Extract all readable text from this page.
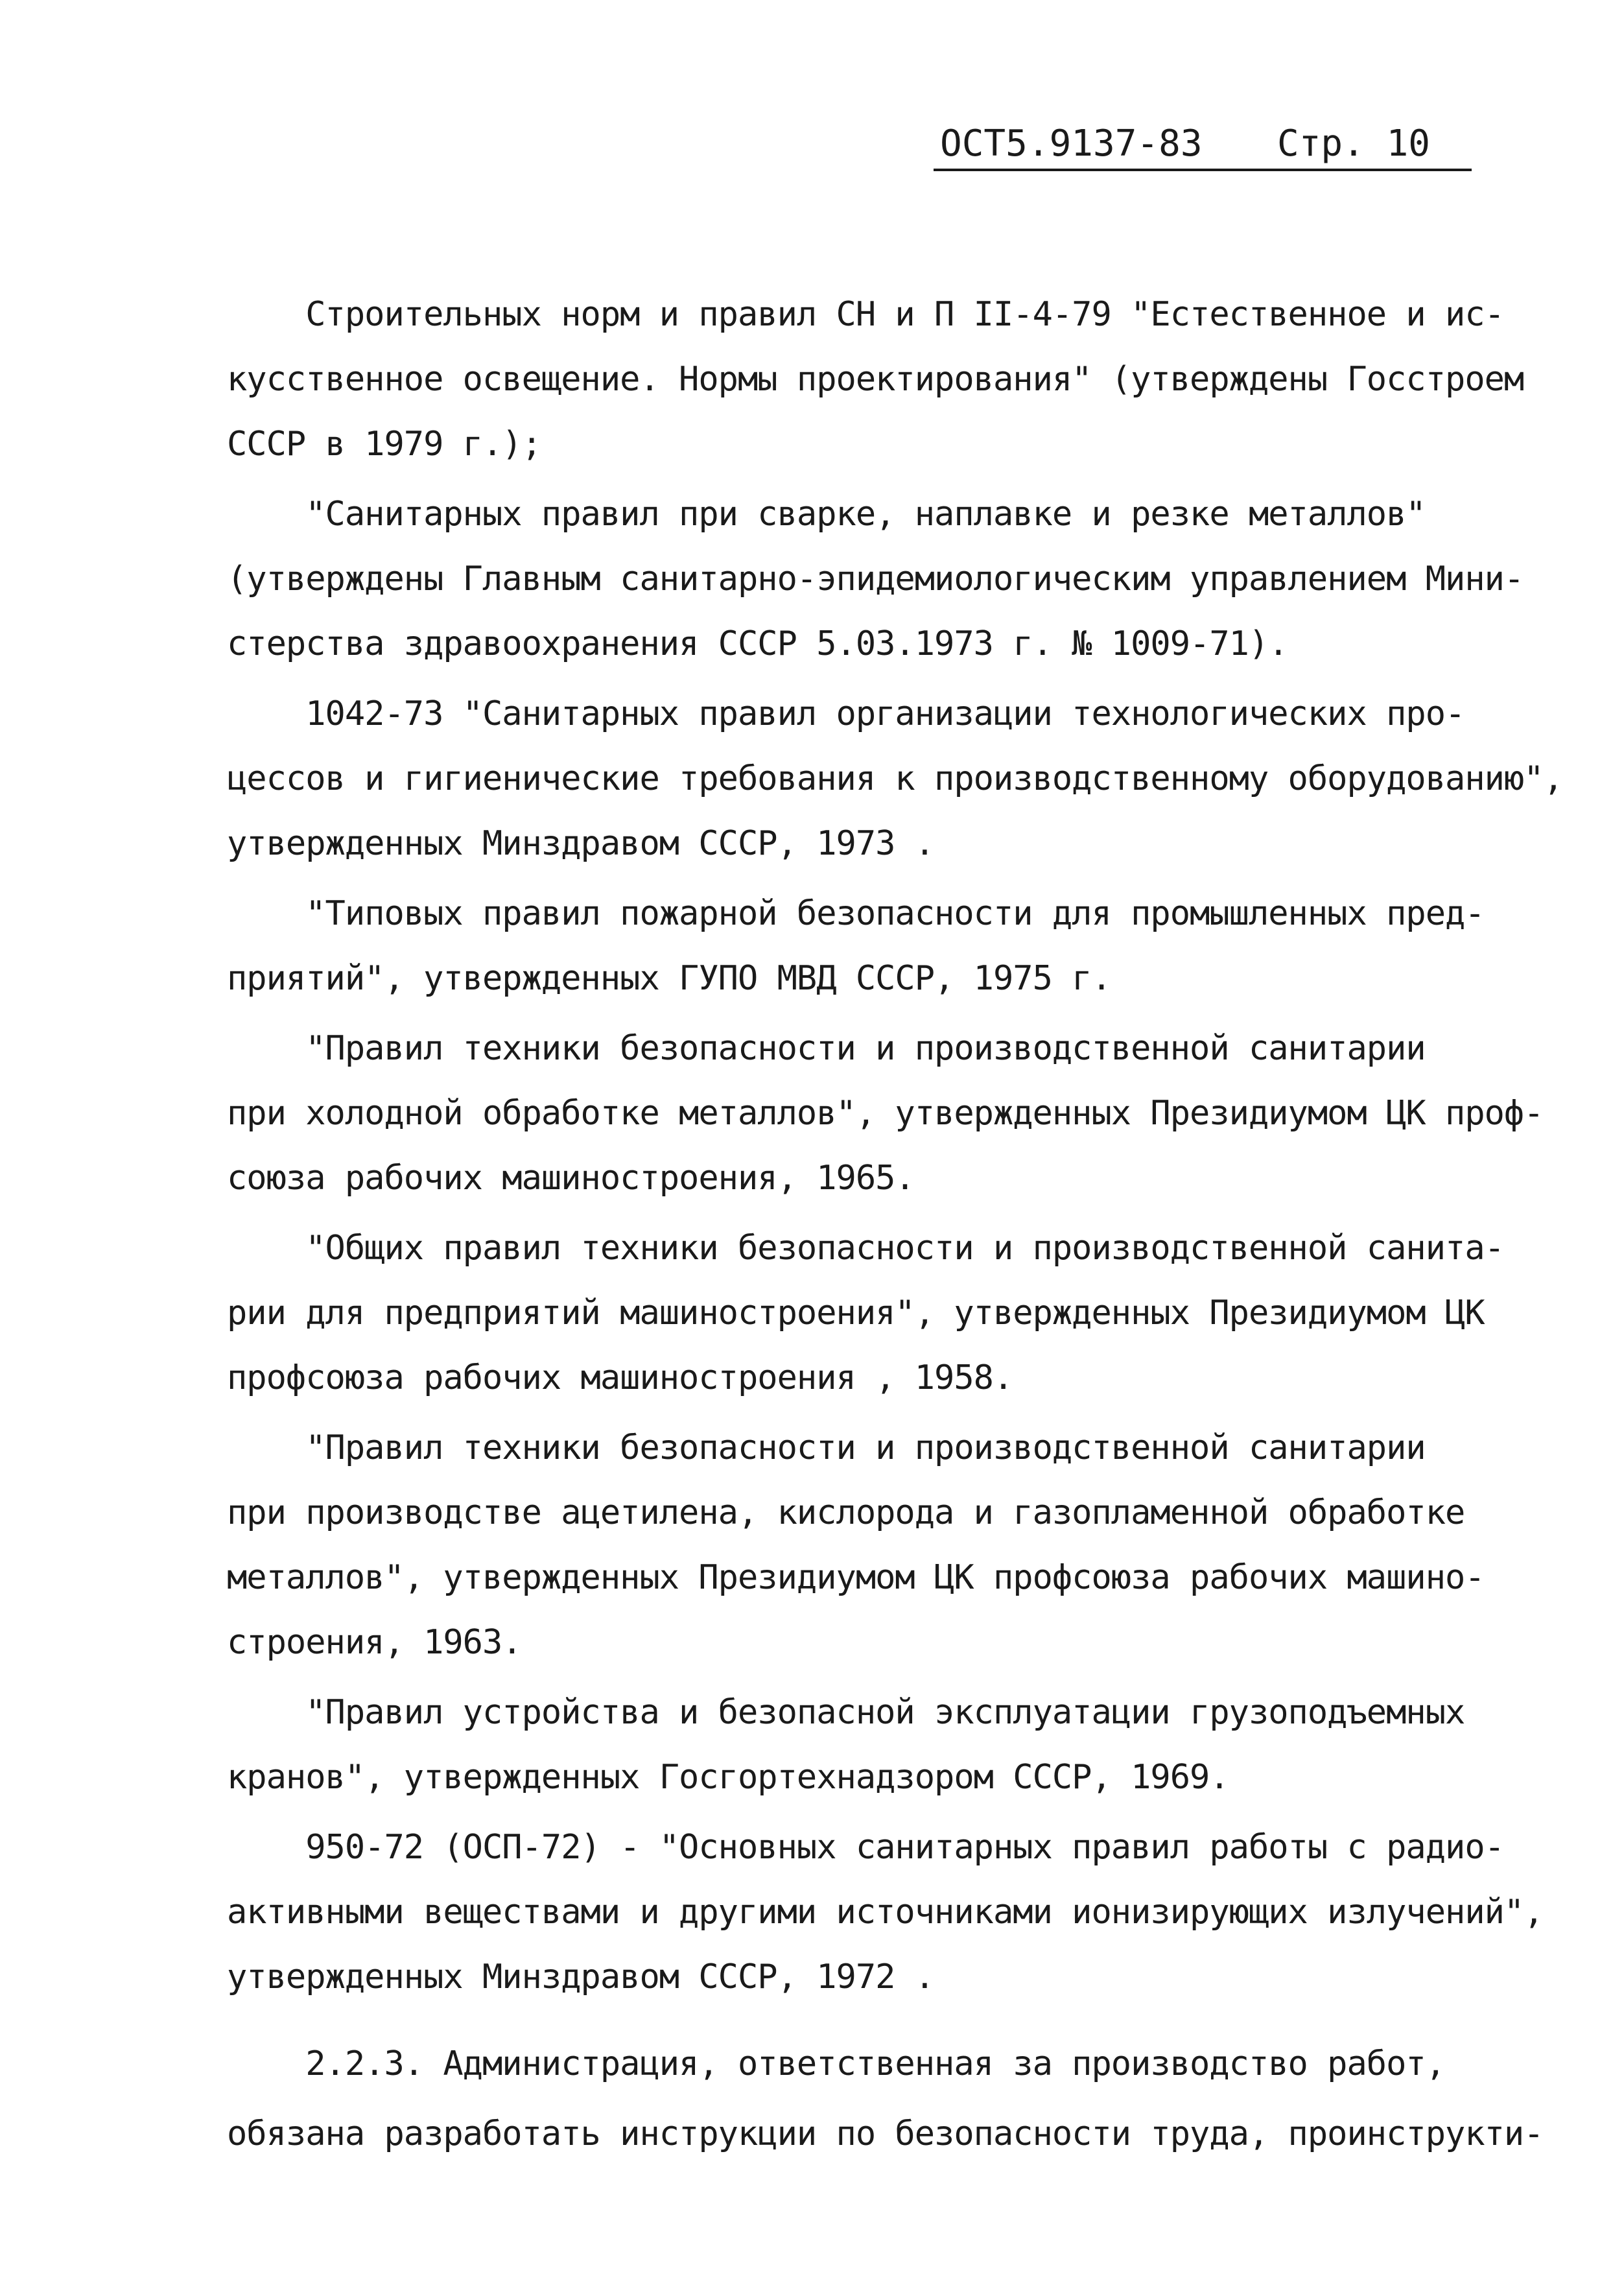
ОСТ5.9137-83 Стр. 10
Строительных норм и правил СН и П II-4-79 "Естественное и ис-
кусственное освещение. Нормы проектирования" (утверждены Госстроем
СССР в 1979 г.);
"Санитарных правил при сварке, наплавке и резке металлов"
(утверждены Главным санитарно-эпидемиологическим управлением Мини-
стерства здравоохранения СССР 5.03.1973 г. № 1009-71).
1042-73 "Санитарных правил организации технологических про-
цессов и гигиенические требования к производственному оборудованию",
утвержденных Минздравом СССР, 1973 .
"Типовых правил пожарной безопасности для промышленных пред-
приятий", утвержденных ГУПО МВД СССР, 1975 г.
"Правил техники безопасности и производственной санитарии
при холодной обработке металлов", утвержденных Президиумом ЦК проф-
союза рабочих машиностроения, 1965.
"Общих правил техники безопасности и производственной санита-
рии для предприятий машиностроения", утвержденных Президиумом ЦК
профсоюза рабочих машиностроения , 1958.
"Правил техники безопасности и производственной санитарии
при производстве ацетилена, кислорода и газопламенной обработке
металлов", утвержденных Президиумом ЦК профсоюза рабочих машино-
строения, 1963.
"Правил устройства и безопасной эксплуатации грузоподъемных
кранов", утвержденных Госгортехнадзором СССР, 1969.
950-72 (ОСП-72) - "Основных санитарных правил работы с радио-
активными веществами и другими источниками ионизирующих излучений",
утвержденных Минздравом СССР, 1972 .
2.2.3. Администрация, ответственная за производство работ,
обязана разработать инструкции по безопасности труда, проинструкти-
